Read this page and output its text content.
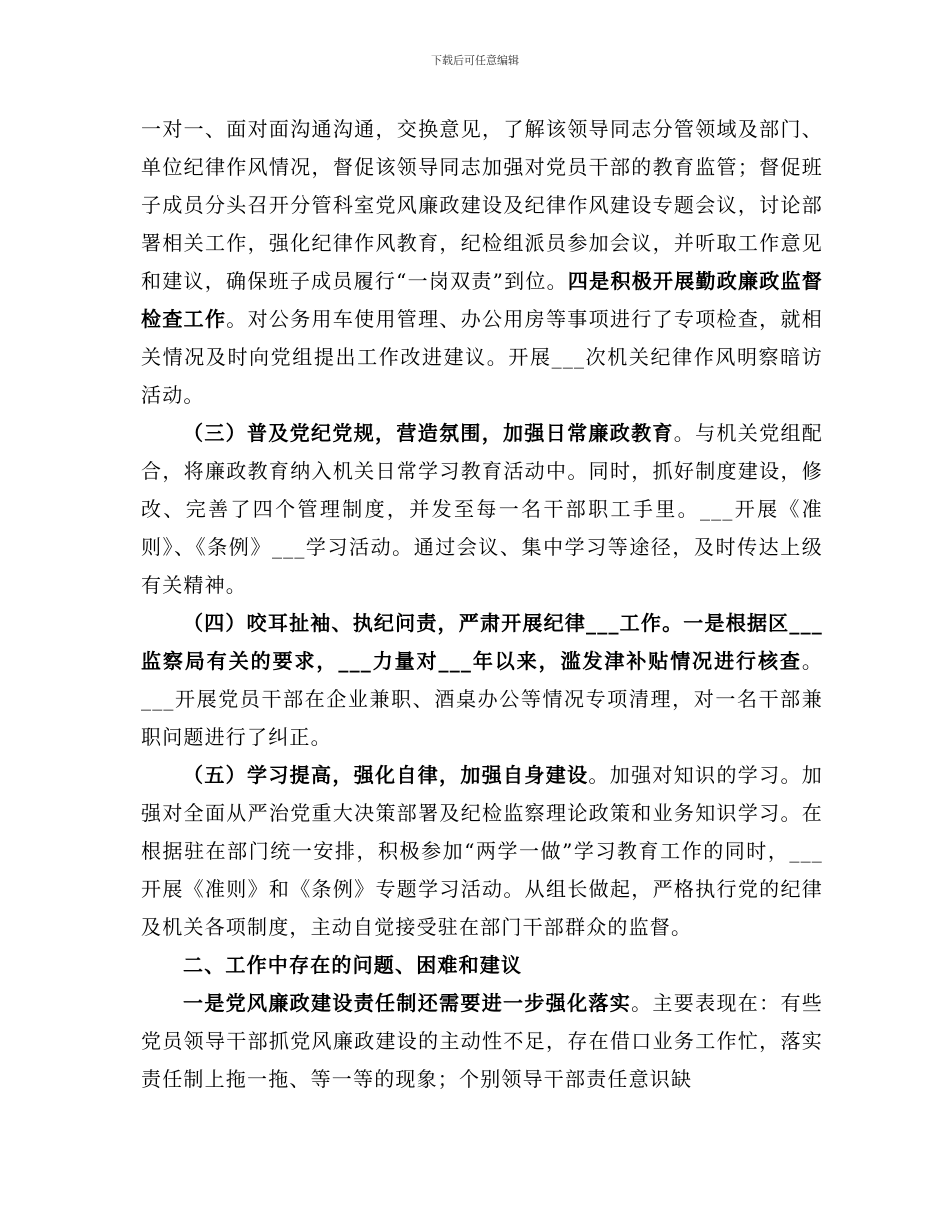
下载后可任意编辑

一对一、面对面沟通沟通，交换意见，了解该领导同志分管领域及部门、单位纪律作风情况，督促该领导同志加强对党员干部的教育监管；督促班子成员分头召开分管科室党风廉政建设及纪律作风建设专题会议，讨论部署相关工作，强化纪律作风教育，纪检组派员参加会议，并听取工作意见和建议，确保班子成员履行“一岗双责”到位。四是积极开展勤政廉政监督检查工作。对公务用车使用管理、办公用房等事项进行了专项检查，就相关情况及时向党组提出工作改进建议。开展___次机关纪律作风明察暗访活动。

（三）普及党纪党规，营造氛围，加强日常廉政教育。与机关党组配合，将廉政教育纳入机关日常学习教育活动中。同时，抓好制度建设，修改、完善了四个管理制度，并发至每一名干部职工手里。___开展《准则》、《条例》___学习活动。通过会议、集中学习等途径，及时传达上级有关精神。

（四）咬耳扯袖、执纪问责，严肃开展纪律___工作。一是根据区___监察局有关的要求，___力量对___年以来，滥发津补贴情况进行核查。___开展党员干部在企业兼职、酒桌办公等情况专项清理，对一名干部兼职问题进行了纠正。

（五）学习提高，强化自律，加强自身建设。加强对知识的学习。加强对全面从严治党重大决策部署及纪检监察理论政策和业务知识学习。在根据驻在部门统一安排，积极参加“两学一做”学习教育工作的同时，___开展《准则》和《条例》专题学习活动。从组长做起，严格执行党的纪律及机关各项制度，主动自觉接受驻在部门干部群众的监督。

二、工作中存在的问题、困难和建议

一是党风廉政建设责任制还需要进一步强化落实。主要表现在：有些党员领导干部抓党风廉政建设的主动性不足，存在借口业务工作忙，落实责任制上拖一拖、等一等的现象；个别领导干部责任意识缺
